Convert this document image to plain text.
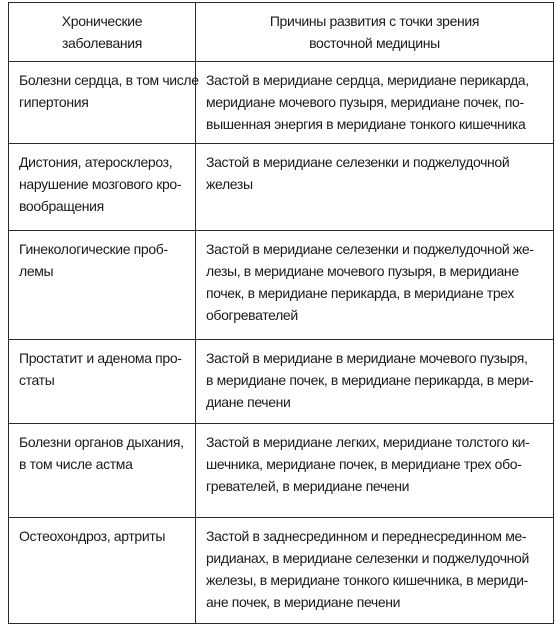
Хронические
заболевания	Причины развития с точки зрения
восточной медицины

Болезни сердца, в том числе
гипертония	Застой в меридиане сердца, меридиане перикарда,
меридиане мочевого пузыря, меридиане почек, по-
вышенная энергия в меридиане тонкого кишечника

Дистония, атеросклероз,
нарушение мозгового кро-
вообращения	Застой в меридиане селезенки и поджелудочной
железы

Гинекологические проб-
лемы	Застой в меридиане селезенки и поджелудочной же-
лезы, в меридиане мочевого пузыря, в меридиане
почек, в меридиане перикарда, в меридиане трех
обогревателей

Простатит и аденома про-
статы	Застой в меридиане в меридиане мочевого пузыря,
в меридиане почек, в меридиане перикарда, в мери-
диане печени

Болезни органов дыхания,
в том числе астма	Застой в меридиане легких, меридиане толстого ки-
шечника, меридиане почек, в меридиане трех обо-
гревателей, в меридиане печени

Остеохондроз, артриты	Застой в заднесрединном и переднесрединном ме-
ридианах, в меридиане селезенки и поджелудочной
железы, в меридиане тонкого кишечника, в мериди-
ане почек, в меридиане печени
